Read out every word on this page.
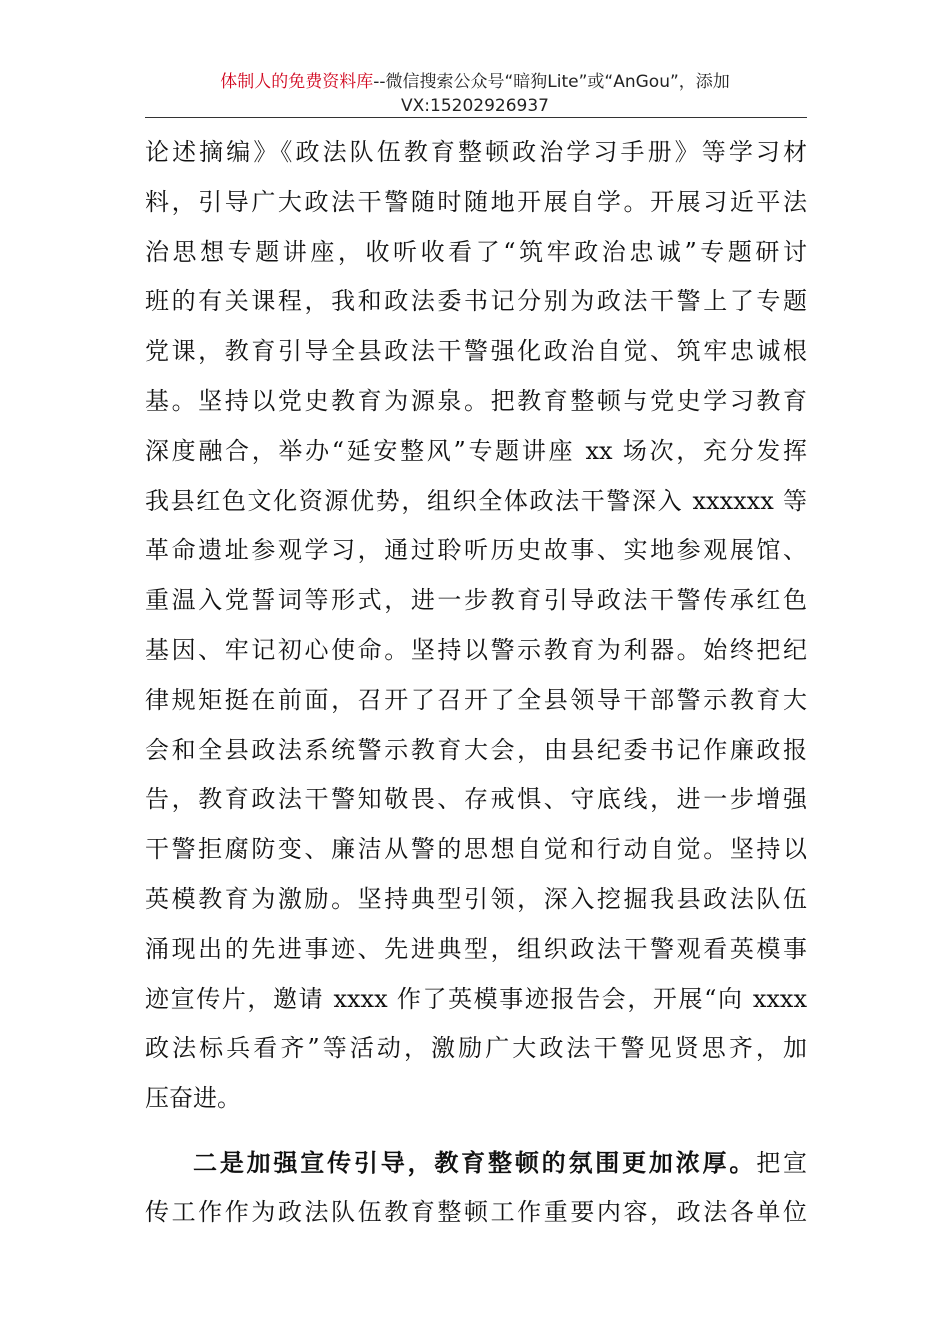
体制人的免费资料库--微信搜索公众号“暗狗Lite”或“AnGou”，添加
VX:15202926937
论述摘编》《政法队伍教育整顿政治学习手册》等学习材
料，引导广大政法干警随时随地开展自学。开展习近平法
治思想专题讲座，收听收看了“筑牢政治忠诚”专题研讨
班的有关课程，我和政法委书记分别为政法干警上了专题
党课，教育引导全县政法干警强化政治自觉、筑牢忠诚根
基。坚持以党史教育为源泉。把教育整顿与党史学习教育
深度融合，举办“延安整风”专题讲座 xx 场次，充分发挥
我县红色文化资源优势，组织全体政法干警深入 xxxxxx 等
革命遗址参观学习，通过聆听历史故事、实地参观展馆、
重温入党誓词等形式，进一步教育引导政法干警传承红色
基因、牢记初心使命。坚持以警示教育为利器。始终把纪
律规矩挺在前面，召开了召开了全县领导干部警示教育大
会和全县政法系统警示教育大会，由县纪委书记作廉政报
告，教育政法干警知敬畏、存戒惧、守底线，进一步增强
干警拒腐防变、廉洁从警的思想自觉和行动自觉。坚持以
英模教育为激励。坚持典型引领，深入挖掘我县政法队伍
涌现出的先进事迹、先进典型，组织政法干警观看英模事
迹宣传片，邀请 xxxx 作了英模事迹报告会，开展“向 xxxx
政法标兵看齐”等活动，激励广大政法干警见贤思齐，加
压奋进。
二是加强宣传引导，教育整顿的氛围更加浓厚。把宣
传工作作为政法队伍教育整顿工作重要内容，政法各单位
